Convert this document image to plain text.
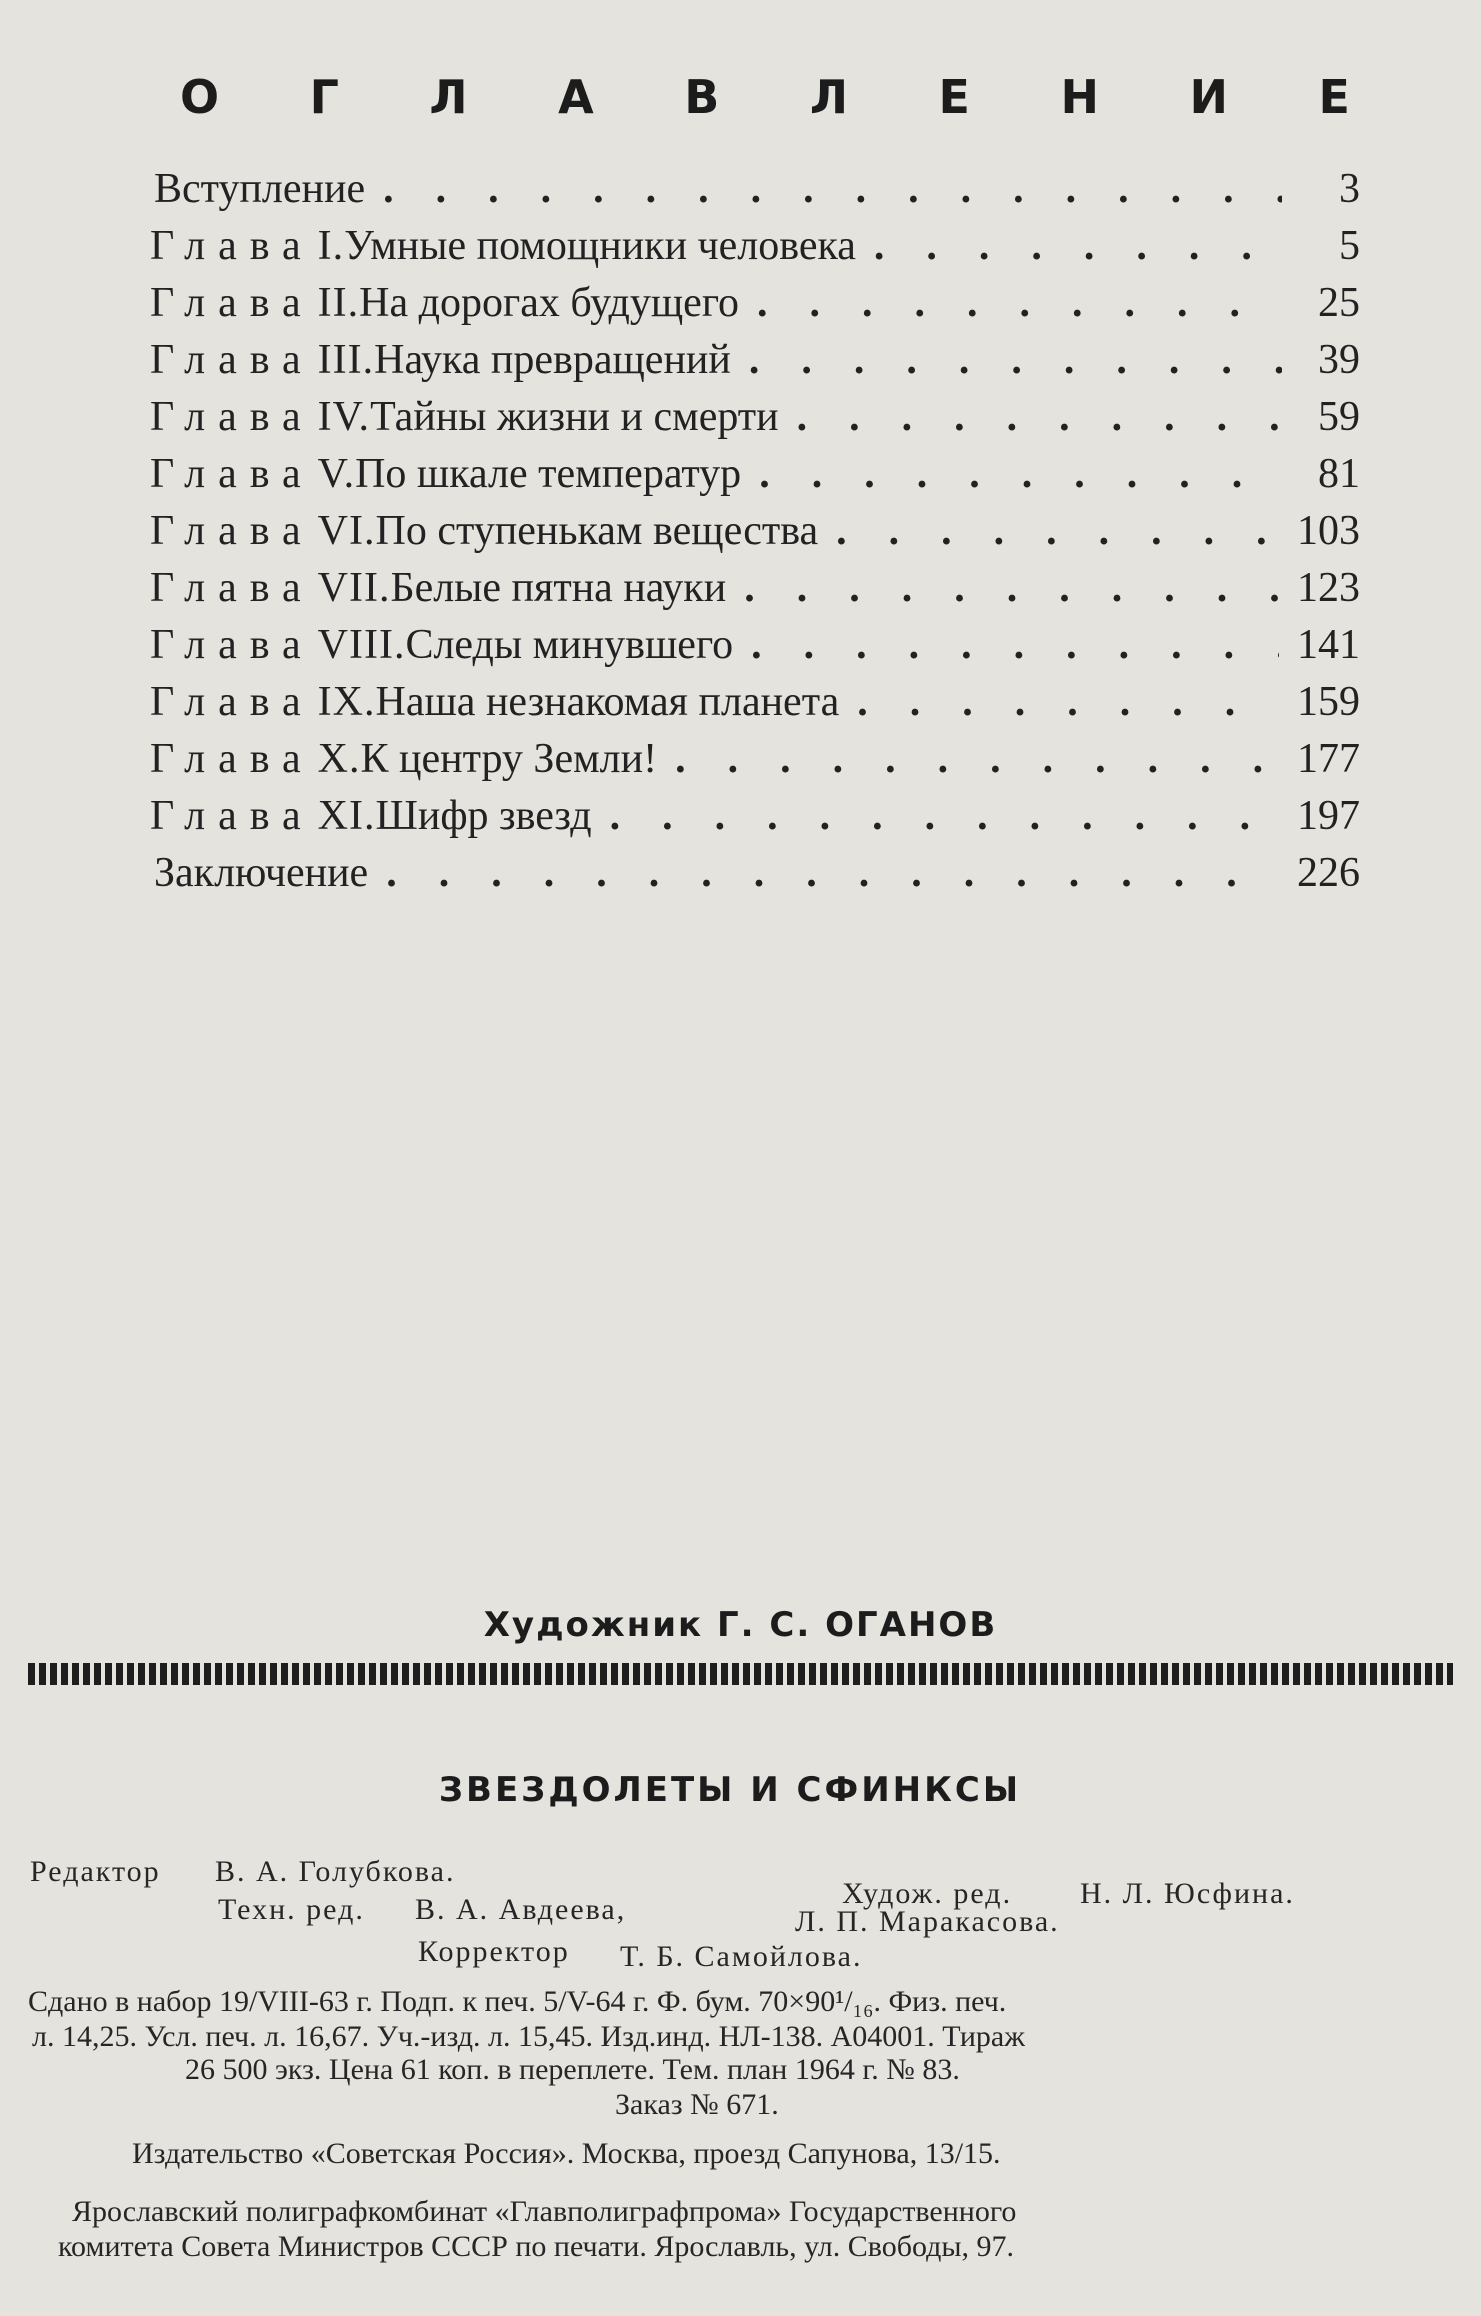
О Г Л А В Л Е Н И Е
Вступление .	3
Глава I. Умные помощники человека .	5
Глава II. На дорогах будущего .	25
Глава III. Наука превращений .	39
Глава IV. Тайны жизни и смерти .	59
Глава V. По шкале температур .	81
Глава VI. По ступенькам вещества .	103
Глава VII. Белые пятна науки .	123
Глава VIII. Следы минувшего .	141
Глава IX. Наша незнакомая планета .	159
Глава X. К центру Земли! .	177
Глава XI. Шифр звезд .	197
Заключение .	226
Художник Г. С. ОГАНОВ
ЗВЕЗДОЛЕТЫ И СФИНКСЫ
Редактор В. А. Голубкова.
Худож. ред. Н. Л. Юсфина.
Техн. ред. В. А. Авдеева,	Л. П. Маракасова.
Корректор Т. Б. Самойлова.
Сдано в набор 19/VIII-63 г. Подп. к печ. 5/V-64 г. Ф. бум. 70×90¹/₁₆. Физ. печ.
л. 14,25. Усл. печ. л. 16,67. Уч.-изд. л. 15,45. Изд.инд. НЛ-138. А04001. Тираж
26 500 экз. Цена 61 коп. в переплете. Тем. план 1964 г. № 83.
Заказ № 671.
Издательство «Советская Россия». Москва, проезд Сапунова, 13/15.
Ярославский полиграфкомбинат «Главполиграфпрома» Государственного
комитета Совета Министров СССР по печати. Ярославль, ул. Свободы, 97.
